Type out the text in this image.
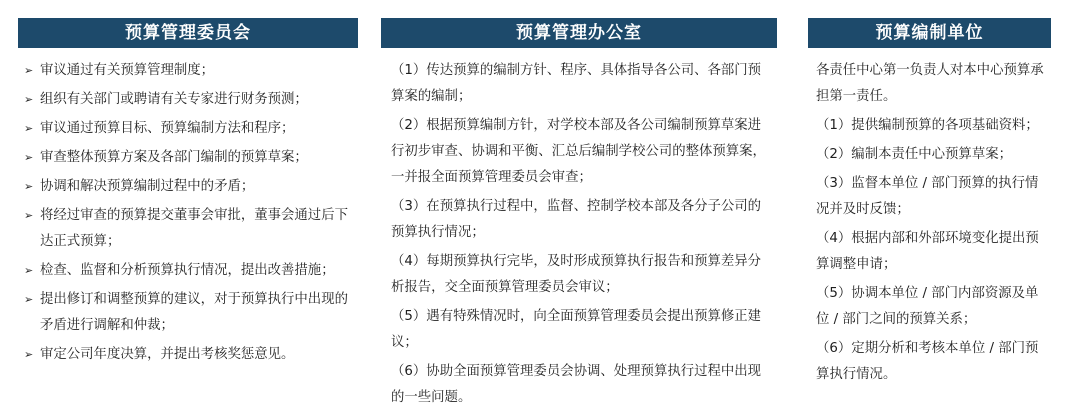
预算管理委员会
➢ 审议通过有关预算管理制度；
➢ 组织有关部门或聘请有关专家进行财务预测；
➢ 审议通过预算目标、预算编制方法和程序；
➢ 审查整体预算方案及各部门编制的预算草案；
➢ 协调和解决预算编制过程中的矛盾；
➢ 将经过审查的预算提交董事会审批，董事会通过后下达正式预算；
➢ 检查、监督和分析预算执行情况，提出改善措施；
➢ 提出修订和调整预算的建议，对于预算执行中出现的矛盾进行调解和仲裁；
➢ 审定公司年度决算，并提出考核奖惩意见。
预算管理办公室
（1）传达预算的编制方针、程序、具体指导各公司、各部门预算案的编制；
（2）根据预算编制方针，对学校本部及各公司编制预算草案进行初步审查、协调和平衡、汇总后编制学校公司的整体预算案，一并报全面预算管理委员会审查；
（3）在预算执行过程中，监督、控制学校本部及各分子公司的预算执行情况；
（4）每期预算执行完毕，及时形成预算执行报告和预算差异分析报告，交全面预算管理委员会审议；
（5）遇有特殊情况时，向全面预算管理委员会提出预算修正建议；
（6）协助全面预算管理委员会协调、处理预算执行过程中出现的一些问题。
预算编制单位
各责任中心第一负责人对本中心预算承担第一责任。
（1）提供编制预算的各项基础资料；
（2）编制本责任中心预算草案；
（3）监督本单位 / 部门预算的执行情况并及时反馈；
（4）根据内部和外部环境变化提出预算调整申请；
（5）协调本单位 / 部门内部资源及单位 / 部门之间的预算关系；
（6）定期分析和考核本单位 / 部门预算执行情况。
